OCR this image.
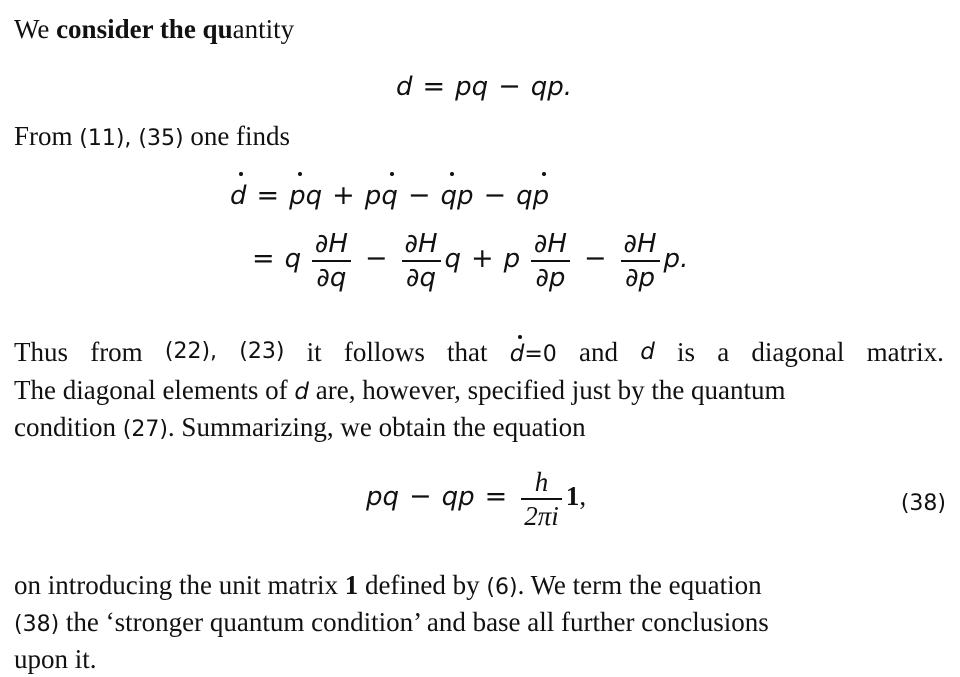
We consider the quantity
d = pq − qp.
From (11), (35) one finds
d = pq + pq − qp − qp
= q $\frac{\partial H}{\partial q} - \frac{\partial H}{\partial q}$ q + p $\frac{\partial H}{\partial p} - \frac{\partial H}{\partial p} p$.
Thus from (22), (23) it follows that d=0 and d is a diagonal matrix.
The diagonal elements of d are, however, specified just by the quantum
condition (27). Summarizing, we obtain the equation
pq − qp = $\frac{h}{2\pi i} 1$,	(38)
on introducing the unit matrix 1 defined by (6). We term the equation
(38) the ‘stronger quantum condition’ and base all further conclusions
upon it.
